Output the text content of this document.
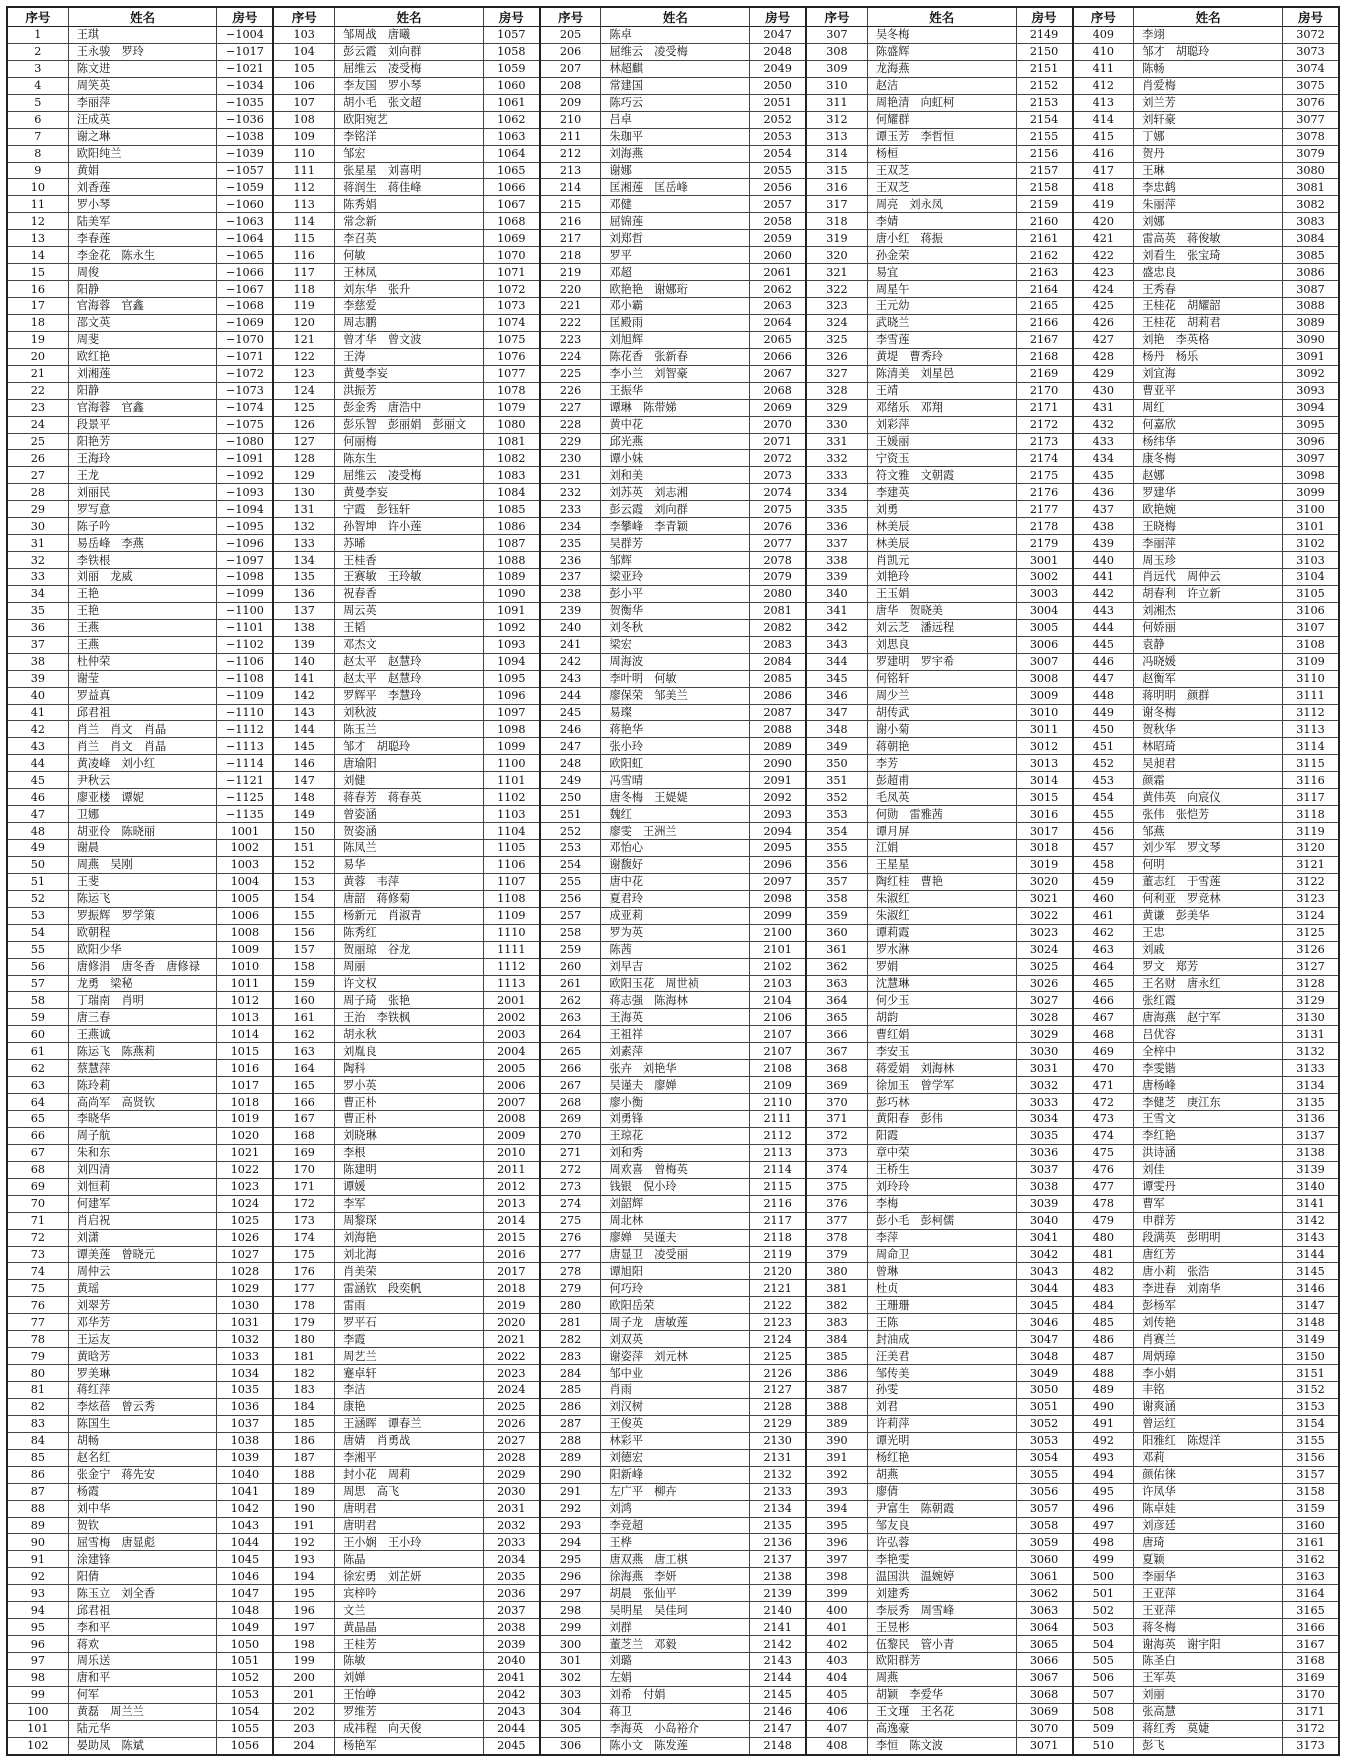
序号	姓名	房号	序号	姓名	房号	序号	姓名	房号	序号	姓名	房号	序号	姓名	房号
1	王琪	−1004	103	邹周战　唐曦	1057	205	陈卓	2047	307	吴冬梅	2149	409	李翊	3072
2	王永骏　罗玲	−1017	104	彭云霞　刘向群	1058	206	屈维云　凌受梅	2048	308	陈盛辉	2150	410	邹才　胡聪玲	3073
3	陈文进	−1021	105	屈维云　凌受梅	1059	207	林超麒	2049	309	龙海燕	2151	411	陈畅	3074
4	周笑英	−1034	106	李友国　罗小琴	1060	208	常建国	2050	310	赵洁	2152	412	肖爱梅	3075
5	李丽萍	−1035	107	胡小毛　张文超	1061	209	陈巧云	2051	311	周艳清　向虹柯	2153	413	刘兰芳	3076
6	汪成英	−1036	108	欧阳宛艺	1062	210	吕卓	2052	312	何耀群	2154	414	刘轩豪	3077
7	谢之琳	−1038	109	李铭洋	1063	211	朱珈平	2053	313	谭玉芳　李哲恒	2155	415	丁娜	3078
8	欧阳纯兰	−1039	110	邹宏	1064	212	刘海燕	2054	314	杨桓	2156	416	贺丹	3079
9	黄娟	−1057	111	张星星　刘喜明	1065	213	谢娜	2055	315	王双芝	2157	417	王琳	3080
10	刘香莲	−1059	112	蒋润生　蒋佳峰	1066	214	匡湘莲　匡岳峰	2056	316	王双芝	2158	418	李忠鹤	3081
11	罗小琴	−1060	113	陈秀娟	1067	215	邓健	2057	317	周亮　刘永凤	2159	419	朱丽萍	3082
12	陆美军	−1063	114	常念新	1068	216	屈锦莲	2058	318	李婧	2160	420	刘娜	3083
13	李春莲	−1064	115	李召英	1069	217	刘郑哲	2059	319	唐小红　蒋振	2161	421	雷高英　蒋俊敏	3084
14	李金花　陈永生	−1065	116	何敏	1070	218	罗平	2060	320	孙金荣	2162	422	刘看生　张宝琦	3085
15	周俊	−1066	117	王林凤	1071	219	邓超	2061	321	易宜	2163	423	盛忠良	3086
16	阳静	−1067	118	刘东华　张升	1072	220	欧艳艳　谢娜珩	2062	322	周星午	2164	424	王秀春	3087
17	官海蓉　官鑫	−1068	119	李慈爱	1073	221	邓小霸	2063	323	王元幼	2165	425	王桂花　胡耀韶	3088
18	邵文英	−1069	120	周志鹏	1074	222	匡殿雨	2064	324	武晓兰	2166	426	王桂花　胡莉君	3089
19	周斐	−1070	121	曾才华　曾文波	1075	223	刘旭辉	2065	325	李雪莲	2167	427	刘艳　李英格	3090
20	欧红艳	−1071	122	王涛	1076	224	陈花香　张新春	2066	326	黄堤　曹秀玲	2168	428	杨丹　杨乐	3091
21	刘湘莲	−1072	123	黄曼李妄	1077	225	李小兰　刘智豪	2067	327	陈清美　刘星邑	2169	429	刘宜海	3092
22	阳静	−1073	124	洪振芳	1078	226	王振华	2068	328	王靖	2170	430	曹亚平	3093
23	官海蓉　官鑫	−1074	125	彭金秀　唐浩中	1079	227	谭琳　陈带娣	2069	329	邓绪乐　邓翔	2171	431	周红	3094
24	段景平	−1075	126	彭乐智　彭丽娟　彭丽文	1080	228	黄中花	2070	330	刘彩萍	2172	432	何嘉欣	3095
25	阳艳芳	−1080	127	何丽梅	1081	229	邱光燕	2071	331	王媛丽	2173	433	杨纬华	3096
26	王海玲	−1091	128	陈东生	1082	230	谭小妹	2072	332	宁资玉	2174	434	康冬梅	3097
27	王龙	−1092	129	屈维云　凌受梅	1083	231	刘和美	2073	333	符文雅　文朝霞	2175	435	赵娜	3098
28	刘丽民	−1093	130	黄曼李妄	1084	232	刘苏英　刘志湘	2074	334	李建英	2176	436	罗建华	3099
29	罗写意	−1094	131	宁霞　彭钰轩	1085	233	彭云霞　刘向群	2075	335	刘勇	2177	437	欧艳婉	3100
30	陈子吟	−1095	132	孙智坤　许小莲	1086	234	李攀峰　李青颖	2076	336	林美辰	2178	438	王晓梅	3101
31	易岳峰　李燕	−1096	133	苏晞	1087	235	吴群芳	2077	337	林美辰	2179	439	李丽萍	3102
32	李铁根	−1097	134	王桂香	1088	236	邹辉	2078	338	肖凯元	3001	440	周玉珍	3103
33	刘丽　龙威	−1098	135	王赛敏　王玲敏	1089	237	梁亚玲	2079	339	刘艳玲	3002	441	肖远代　周仲云	3104
34	王艳	−1099	136	祝春香	1090	238	彭小平	2080	340	王玉娟	3003	442	胡春利　许立新	3105
35	王艳	−1100	137	周云英	1091	239	贺衡华	2081	341	唐华　贺晓美	3004	443	刘湘杰	3106
36	王燕	−1101	138	王韬	1092	240	刘冬秋	2082	342	刘云芝　潘远程	3005	444	何娇丽	3107
37	王燕	−1102	139	邓杰文	1093	241	梁宏	2083	343	刘思良	3006	445	袁静	3108
38	杜仲荣	−1106	140	赵太平　赵慧玲	1094	242	周海波	2084	344	罗建明　罗宇希	3007	446	冯晓媛	3109
39	谢莹	−1108	141	赵太平　赵慧玲	1095	243	李叶明　何敏	2085	345	何铭轩	3008	447	赵衡军	3110
40	罗益真	−1109	142	罗辉平　李慧玲	1096	244	廖保荣　邹美兰	2086	346	周少兰	3009	448	蒋明明　颜群	3111
41	邱君祖	−1110	143	刘秋波	1097	245	易璨	2087	347	胡传武	3010	449	谢冬梅	3112
42	肖兰　肖文　肖晶	−1112	144	陈玉兰	1098	246	蒋艳华	2088	348	谢小菊	3011	450	贺秋华	3113
43	肖兰　肖文　肖晶	−1113	145	邹才　胡聪玲	1099	247	张小玲	2089	349	蒋朝艳	3012	451	林昭琦	3114
44	黄凌峰　刘小红	−1114	146	唐瑜阳	1100	248	欧阳虹	2090	350	李芳	3013	452	吴昶君	3115
45	尹秋云	−1121	147	刘健	1101	249	冯雪晴	2091	351	彭超甫	3014	453	颜霜	3116
46	廖亚楼　谭妮	−1125	148	蒋春芳　蒋春英	1102	250	唐冬梅　王媞媞	2092	352	毛凤英	3015	454	黄伟英　向宸仪	3117
47	卫娜	−1135	149	曾姿涵	1103	251	魏红	2093	353	何勋　雷雅茜	3016	455	张伟　张恺芳	3118
48	胡亚伶　陈晓丽	1001	150	贺姿涵	1104	252	廖雯　王洲兰	2094	354	谭月屏	3017	456	邹燕	3119
49	谢晨	1002	151	陈凤兰	1105	253	邓怡心	2095	355	江娟	3018	457	刘少军　罗文琴	3120
50	周燕　吴刚	1003	152	易华	1106	254	谢馥好	2096	356	王星星	3019	458	何明	3121
51	王斐	1004	153	黄蓉　韦萍	1107	255	唐中花	2097	357	陶红桂　曹艳	3020	459	董志红　于雪莲	3122
52	陈运飞	1005	154	唐韶　蒋修菊	1108	256	夏君玲	2098	358	朱淑红	3021	460	何利亚　罗竞林	3123
53	罗振辉　罗学策	1006	155	杨新元　肖淑青	1109	257	成亚莉	2099	359	朱淑红	3022	461	黄谦　彭美华	3124
54	欧朝程	1008	156	陈秀红	1110	258	罗为英	2100	360	谭莉霞	3023	462	王忠	3125
55	欧阳少华	1009	157	贺丽琼　谷龙	1111	259	陈茜	2101	361	罗水淋	3024	463	刘戚	3126
56	唐修涓　唐冬香　唐修禄	1010	158	周丽	1112	260	刘早吉	2102	362	罗娟	3025	464	罗文　郑芳	3127
57	龙勇　梁秘	1011	159	许文权	1113	261	欧阳玉花　周世祯	2103	363	沈慧琳	3026	465	王名财　唐永红	3128
58	丁瑞南　肖明	1012	160	周子琦　张艳	2001	262	蒋志强　陈海林	2104	364	何少玉	3027	466	张红霞	3129
59	唐三春	1013	161	王治　李铁枫	2002	263	王海英	2106	365	胡韵	3028	467	唐海燕　赵宁军	3130
60	王燕诚	1014	162	胡永秋	2003	264	王祖祥	2107	366	曹红娟	3029	468	吕优容	3131
61	陈运飞　陈燕莉	1015	163	刘胤良	2004	265	刘素萍	2107	367	李安玉	3030	469	全梓中	3132
62	蔡慧萍	1016	164	陶科	2005	266	张卉　刘艳华	2108	368	蒋爱娟　刘海林	3031	470	李雯锴	3133
63	陈玲莉	1017	165	罗小英	2006	267	吴谨夫　廖婵	2109	369	徐加玉　曾学军	3032	471	唐杨峰	3134
64	高尚军　高贤钦	1018	166	曹正朴	2007	268	廖小衡	2110	370	彭巧林	3033	472	李健芝　庚江东	3135
65	李晓华	1019	167	曹正朴	2008	269	刘勇锋	2111	371	黄阳春　彭伟	3034	473	王雪文	3136
66	周子航	1020	168	刘晓琳	2009	270	王琼花	2112	372	阳霞	3035	474	李红艳	3137
67	朱和东	1021	169	李根	2010	271	刘和秀	2113	373	章中荣	3036	475	洪诗涵	3138
68	刘四清	1022	170	陈建明	2011	272	周欢喜　曾梅英	2114	374	王桥生	3037	476	刘佳	3139
69	刘恒莉	1023	171	谭媛	2012	273	钱银　倪小玲	2115	375	刘玲玲	3038	477	谭雯丹	3140
70	何建军	1024	172	李军	2013	274	刘韶辉	2116	376	李梅	3039	478	曹军	3141
71	肖启祝	1025	173	周黎琛	2014	275	周北林	2117	377	彭小毛　彭柯儒	3040	479	申群芳	3142
72	刘潇	1026	174	刘海艳	2015	276	廖婵　吴谨夫	2118	378	李萍	3041	480	段满英　彭明明	3143
73	谭美莲　曾晓元	1027	175	刘北海	2016	277	唐显卫　凌受丽	2119	379	周命卫	3042	481	唐红芳	3144
74	周仲云	1028	176	肖美荣	2017	278	谭旭阳	2120	380	曾琳	3043	482	唐小莉　张浩	3145
75	黄瑶	1029	177	雷涵钦　段奕帆	2018	279	何巧玲	2121	381	杜贞	3044	483	李进春　刘南华	3146
76	刘翠芳	1030	178	雷雨	2019	280	欧阳岳荣	2122	382	王珊珊	3045	484	彭杨军	3147
77	邓华芳	1031	179	罗平石	2020	281	周子龙　唐敏莲	2123	383	王陈	3046	485	刘传艳	3148
78	王运友	1032	180	李霞	2021	282	刘双英	2124	384	封油成	3047	486	肖赛兰	3149
79	黄晗芳	1033	181	周艺兰	2022	283	谢姿萍　刘元林	2125	385	汪美君	3048	487	周炳璋	3150
80	罗美琳	1034	182	蹇卓轩	2023	284	邹中业	2126	386	邹传美	3049	488	李小娟	3151
81	蒋红萍	1035	183	李洁	2024	285	肖雨	2127	387	孙雯	3050	489	丰铭	3152
82	李炫蓓　曾云秀	1036	184	康艳	2025	286	刘汉树	2128	388	刘君	3051	490	谢爽涵	3153
83	陈国生	1037	185	王涵晖　谭春兰	2026	287	王俊英	2129	389	许莉萍	3052	491	曾运红	3154
84	胡畅	1038	186	唐婧　肖勇战	2027	288	林彩平	2130	390	谭光明	3053	492	阳雅红　陈煜洋	3155
85	赵名红	1039	187	李湘平	2028	289	刘德宏	2131	391	杨红艳	3054	493	邓莉	3156
86	张金宁　蒋先安	1040	188	封小花　周莉	2029	290	阳新峰	2132	392	胡燕	3055	494	颜佑徕	3157
87	杨霞	1041	189	周思　高飞	2030	291	左广平　柳卉	2133	393	廖倩	3056	495	许凤华	3158
88	刘中华	1042	190	唐明君	2031	292	刘鸿	2134	394	尹富生　陈朝霞	3057	496	陈卓娃	3159
89	贺钦	1043	191	唐明君	2032	293	李竞超	2135	395	邹友良	3058	497	刘彦廷	3160
90	屈雪梅　唐显彪	1044	192	王小娴　王小玲	2033	294	王桦	2136	396	许弘蓉	3059	498	唐琦	3161
91	涂建锋	1045	193	陈晶	2034	295	唐双燕　唐工棋	2137	397	李艳雯	3060	499	夏颖	3162
92	阳倩	1046	194	徐宏勇　刘芷妍	2035	296	徐海燕　李妍	2138	398	温国洪　温婉婷	3061	500	李丽华	3163
93	陈玉立　刘全香	1047	195	宾梓吟	2036	297	胡晨　张仙平	2139	399	刘建秀	3062	501	王亚萍	3164
94	邱君祖	1048	196	文兰	2037	298	吴明星　吴佳珂	2140	400	李辰秀　周雪峰	3063	502	王亚萍	3165
95	李和平	1049	197	黄晶晶	2038	299	刘群	2141	401	王昱彬	3064	503	蒋冬梅	3166
96	蒋欢	1050	198	王桂芳	2039	300	董芝兰　邓毅	2142	402	伍黎民　管小青	3065	504	谢海英　谢宇阳	3167
97	周乐送	1051	199	陈敏	2040	301	刘璐	2143	403	欧阳群芳	3066	505	陈圣白	3168
98	唐和平	1052	200	刘婵	2041	302	左娟	2144	404	周燕	3067	506	王军英	3169
99	何军	1053	201	王怡峥	2042	303	刘希　付娟	2145	405	胡颖　李爱华	3068	507	刘丽	3170
100	黄磊　周兰兰	1054	202	罗维芳	2043	304	蒋卫	2146	406	王文瑾　王名花	3069	508	张高慧	3171
101	陆元华	1055	203	成祎程　向天俊	2044	305	李海英　小岛裕介	2147	407	高逸豪	3070	509	蒋红秀　莫婕	3172
102	晏助凤　陈斌	1056	204	杨艳军	2045	306	陈小文　陈发莲	2148	408	李恒　陈文波	3071	510	彭飞	3173
